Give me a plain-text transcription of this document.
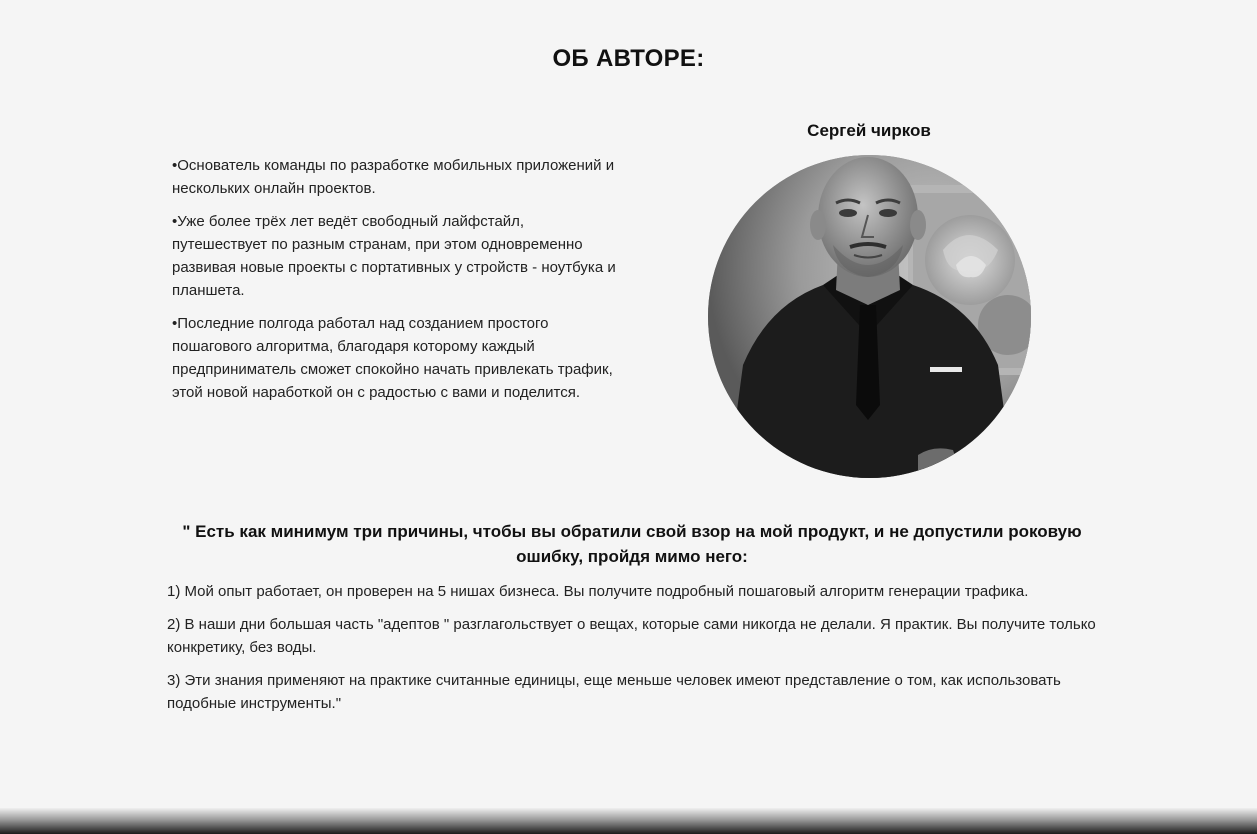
ОБ АВТОРЕ:

•Основатель команды по разработке мобильных приложений и нескольких онлайн проектов.

•Уже более трёх лет ведёт свободный лайфстайл, путешествует по разным странам, при этом одновременно развивая новые проекты с портативных у стройств - ноутбука и планшета.

•Последние полгода работал над созданием простого пошагового алгоритма, благодаря которому каждый предприниматель сможет спокойно начать привлекать трафик, этой новой наработкой он с радостью с вами и поделится.

Сергей чирков
" Есть как минимум три причины, чтобы вы обратили свой взор на мой продукт, и не допустили роковую ошибку, пройдя мимо него:

1) Мой опыт работает, он проверен на 5 нишах бизнеса. Вы получите подробный пошаговый алгоритм генерации трафика.

2) В наши дни большая часть "адептов " разглагольствует о вещах, которые сами никогда не делали. Я практик. Вы получите только конкретику, без воды.

3) Эти знания применяют на практике считанные единицы, еще меньше человек имеют представление о том, как использовать подобные инструменты."
